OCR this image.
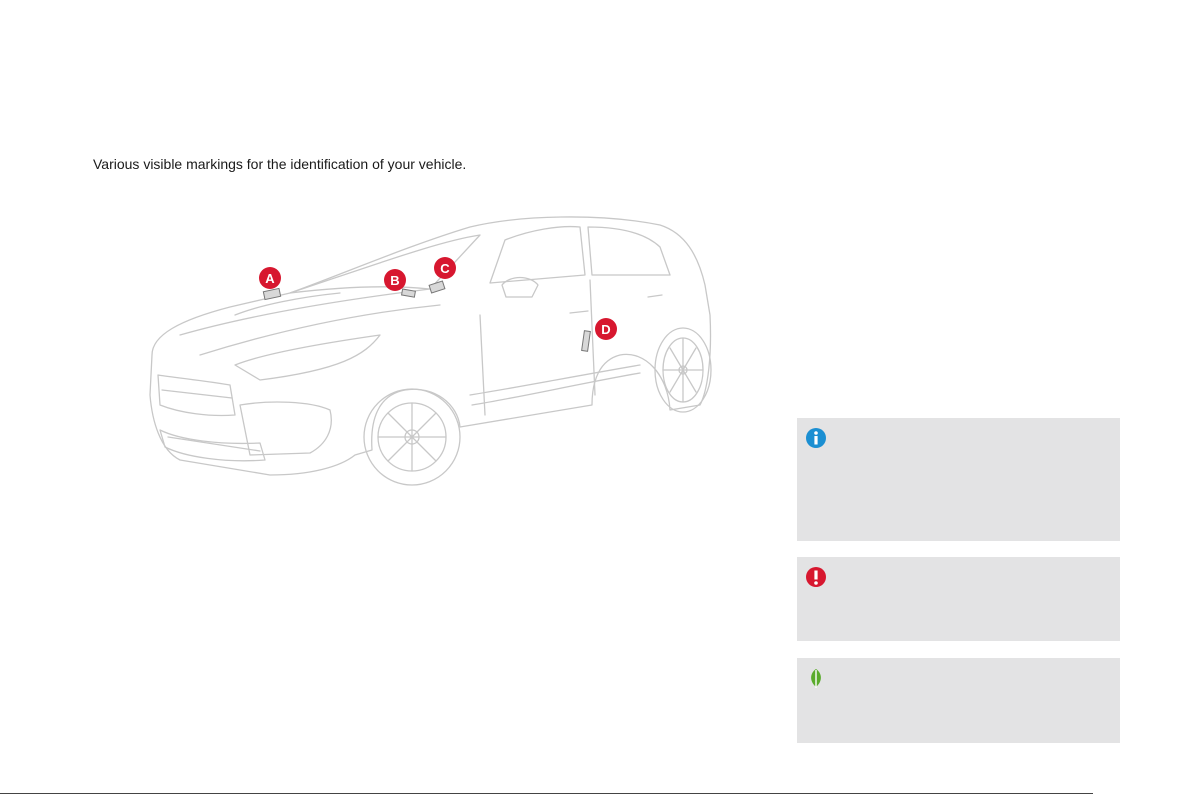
Various visible markings for the identification of your vehicle.

A	B
C
D
